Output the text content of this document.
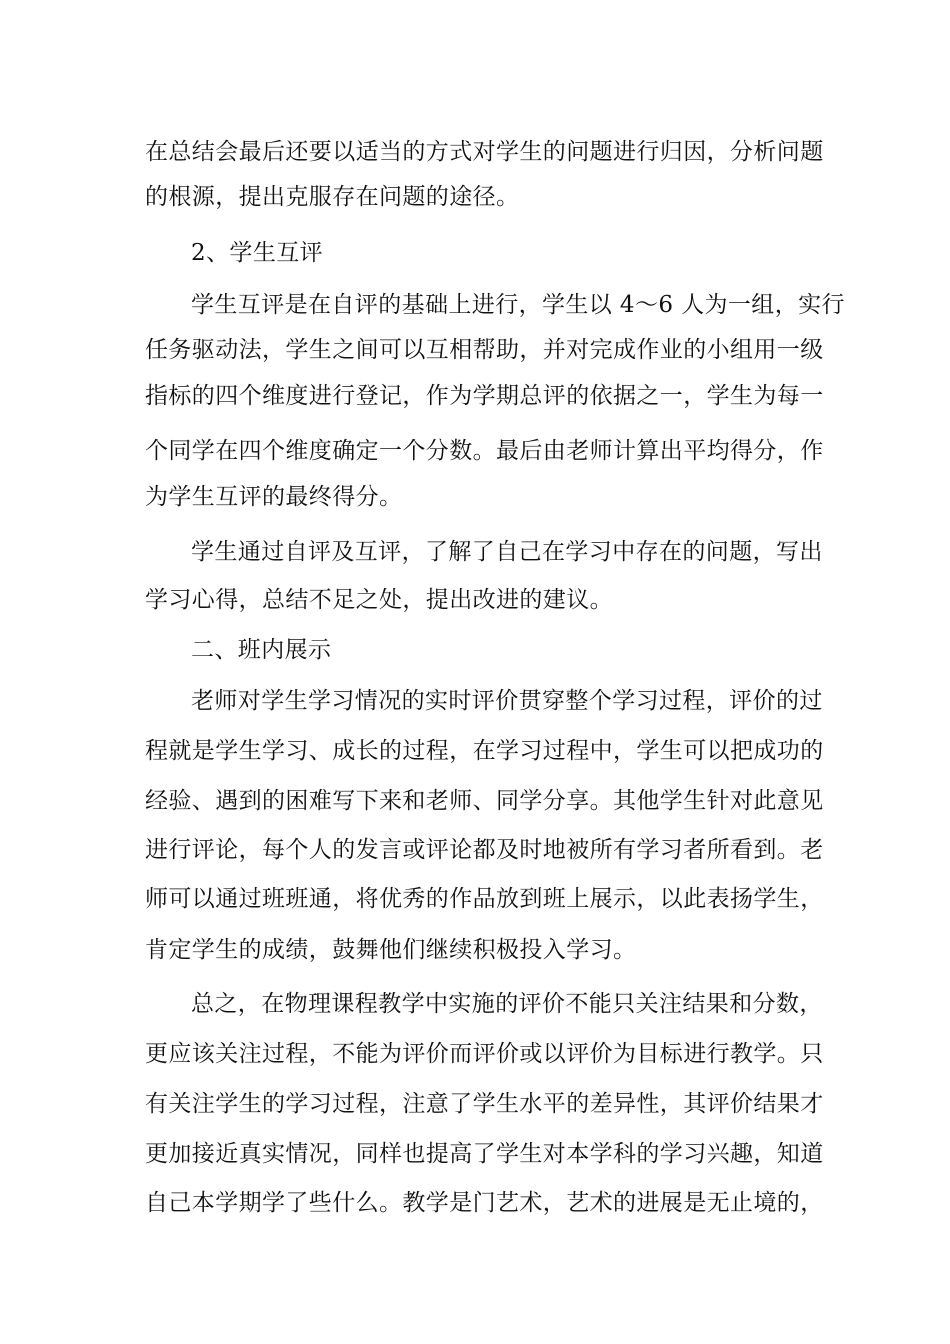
在总结会最后还要以适当的方式对学生的问题进行归因，分析问题
的根源，提出克服存在问题的途径。
2、学生互评
学生互评是在自评的基础上进行，学生以 4～6 人为一组，实行
任务驱动法，学生之间可以互相帮助，并对完成作业的小组用一级
指标的四个维度进行登记，作为学期总评的依据之一，学生为每一
个同学在四个维度确定一个分数。最后由老师计算出平均得分，作
为学生互评的最终得分。
学生通过自评及互评，了解了自己在学习中存在的问题，写出
学习心得，总结不足之处，提出改进的建议。
二、班内展示
老师对学生学习情况的实时评价贯穿整个学习过程，评价的过
程就是学生学习、成长的过程，在学习过程中，学生可以把成功的
经验、遇到的困难写下来和老师、同学分享。其他学生针对此意见
进行评论，每个人的发言或评论都及时地被所有学习者所看到。老
师可以通过班班通，将优秀的作品放到班上展示，以此表扬学生，
肯定学生的成绩，鼓舞他们继续积极投入学习。
总之，在物理课程教学中实施的评价不能只关注结果和分数，
更应该关注过程，不能为评价而评价或以评价为目标进行教学。只
有关注学生的学习过程，注意了学生水平的差异性，其评价结果才
更加接近真实情况，同样也提高了学生对本学科的学习兴趣，知道
自己本学期学了些什么。教学是门艺术，艺术的进展是无止境的，
